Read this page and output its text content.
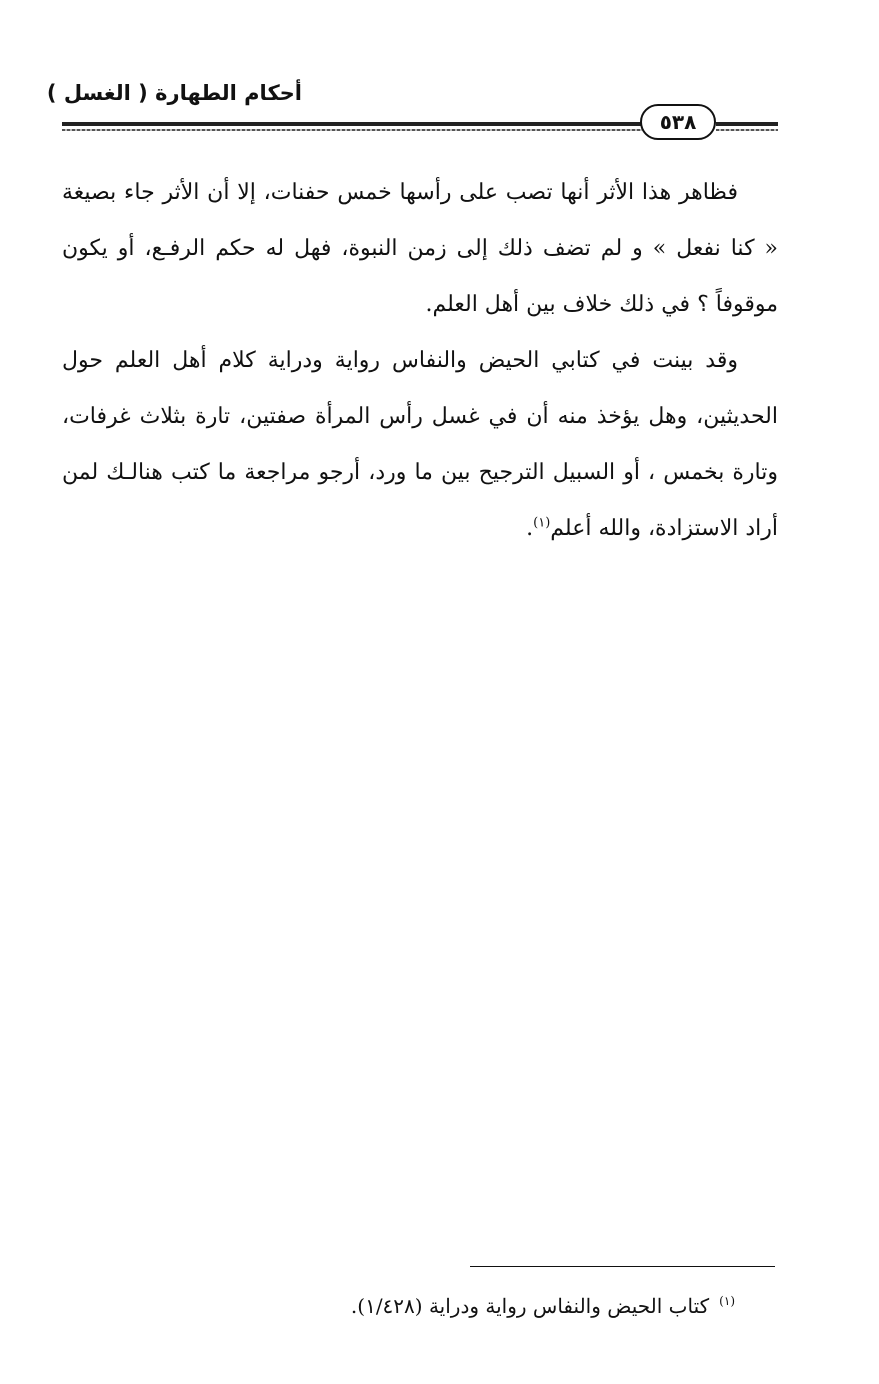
أحكام الطهارة ( الغسل )
٥٣٨

فظاهر هذا الأثر أنها تصب على رأسها خمس حفنات، إلا أن الأثر جاء بصيغة « كنا نفعل » و لم تضف ذلك إلى زمن النبوة، فهل له حكم الرفـع، أو يكون موقوفاً ؟ في ذلك خلاف بين أهل العلم.

وقد بينت في كتابي الحيض والنفاس رواية ودراية كلام أهل العلم حول الحديثين، وهل يؤخذ منه أن في غسل رأس المرأة صفتين، تارة بثلاث غرفات، وتارة بخمس ، أو السبيل الترجيح بين ما ورد، أرجو مراجعة ما كتب هنالـك لمن أراد الاستزادة، والله أعلم$^{(١)}$.

$^{(١)}$كتاب الحيض والنفاس رواية ودراية (١/٤٢٨).
